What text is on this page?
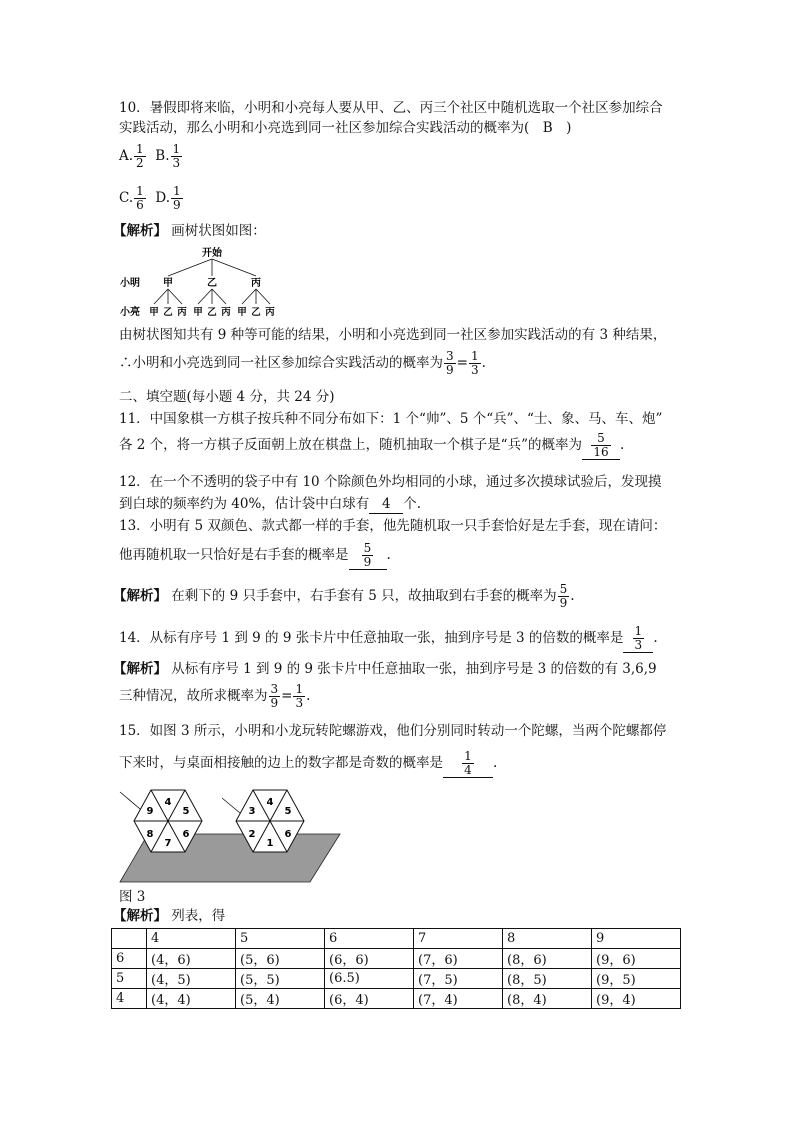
10．暑假即将来临，小明和小亮每人要从甲、乙、丙三个社区中随机选取一个社区参加综合
实践活动，那么小明和小亮选到同一社区参加综合实践活动的概率为(　B　)
A. $\frac{1}{2} B$. $\frac{1}{3}$
C. $\frac{1}{6} D$. $\frac{1}{9}$
【解析】 画树状图如图：
开始
小明 甲	乙	丙
小亮 甲 乙 丙 甲 乙 丙 甲 乙 丙
由树状图知共有 9 种等可能的结果，小明和小亮选到同一社区参加实践活动的有 3 种结果，
∴小明和小亮选到同一社区参加综合实践活动的概率为 $\frac{3}{9} = \frac{1}{3}$ .
二、填空题(每小题 4 分，共 24 分)
11．中国象棋一方棋子按兵种不同分布如下：1 个“帅”、5 个“兵”、“士、象、马、车、炮”
各 2 个，将一方棋子反面朝上放在棋盘上，随机抽取一个棋子是“兵”的概率为 $\frac{5}{16}$ .
12．在一个不透明的袋子中有 10 个除颜色外均相同的小球，通过多次摸球试验后，发现摸
到白球的频率约为 40%，估计袋中白球有 4 个.
13．小明有 5 双颜色、款式都一样的手套，他先随机取一只手套恰好是左手套，现在请问：
他再随机取一只恰好是右手套的概率是 $\frac{5}{9}$ .
【解析】 在剩下的 9 只手套中，右手套有 5 只，故抽取到右手套的概率为 $\frac{5}{9}$ .
14．从标有序号 1 到 9 的 9 张卡片中任意抽取一张，抽到序号是 3 的倍数的概率是 $\frac{1}{3}$ .
【解析】 从标有序号 1 到 9 的 9 张卡片中任意抽取一张，抽到序号是 3 的倍数的有 3,6,9
三种情况，故所求概率为 $\frac{3}{9} = \frac{1}{3}$ .
15．如图 3 所示，小明和小龙玩转陀螺游戏，他们分别同时转动一个陀螺，当两个陀螺都停
下来时，与桌面相接触的边上的数字都是奇数的概率是 $\frac{1}{4}$ .
9
4
5
8
7
6
3
4
5
2
1
6
图 3
【解析】 列表，得
	4	5	6	7	8	9
6	(4，6)	(5，6)	(6，6)	(7，6)	(8，6)	(9，6)
5	(4，5)	(5，5)	(6.5)	(7，5)	(8，5)	(9，5)
4	(4，4)	(5，4)	(6，4)	(7，4)	(8，4)	(9，4)
